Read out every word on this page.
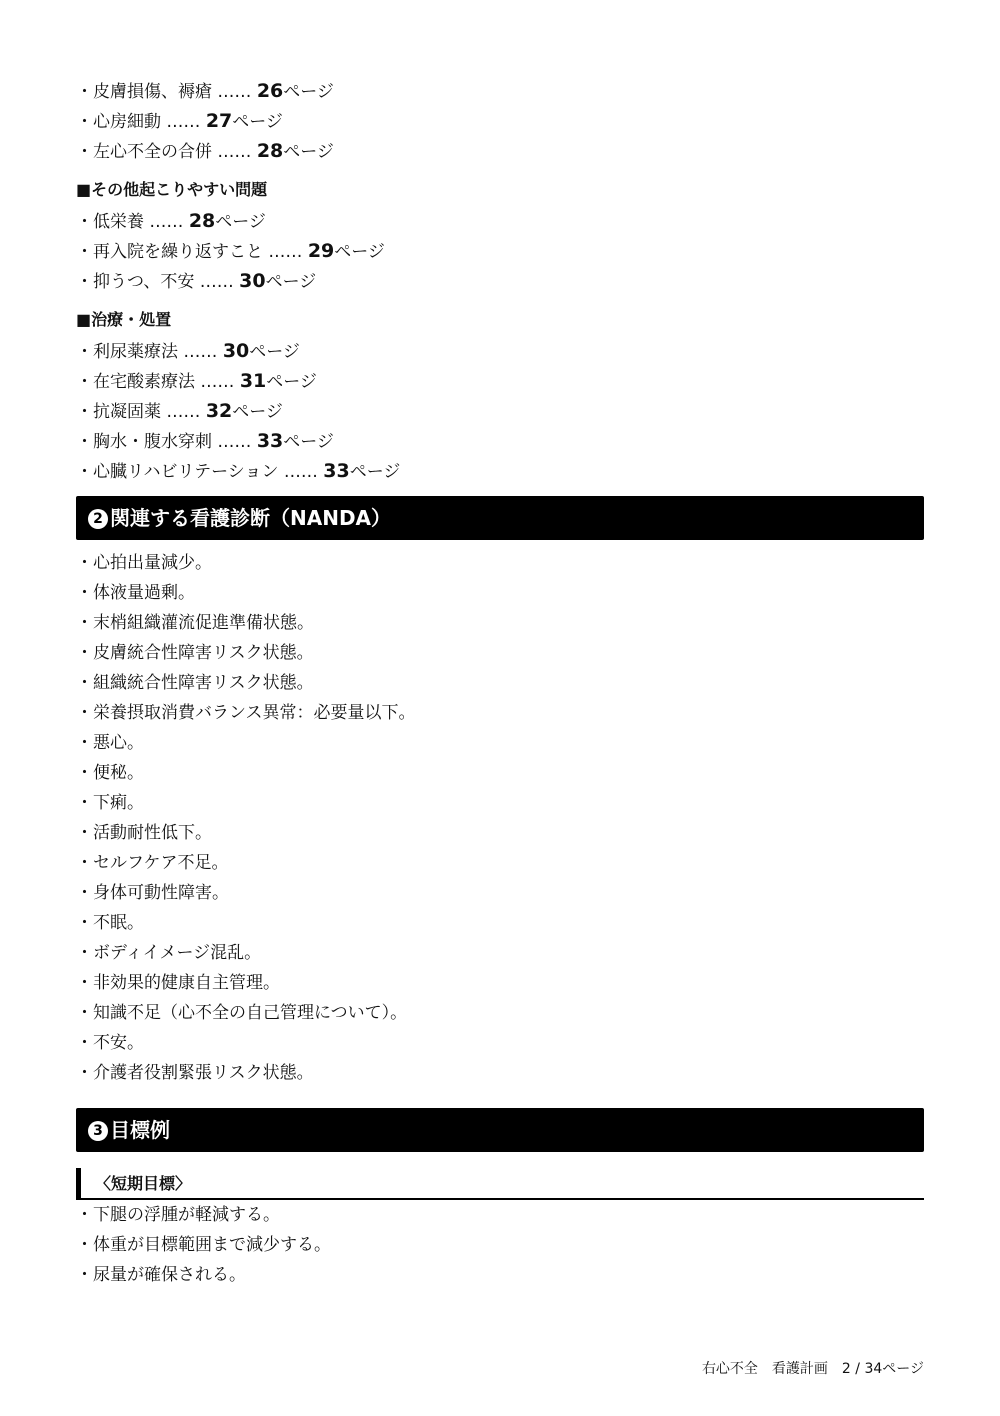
・皮膚損傷、褥瘡 …… 26ページ
・心房細動 …… 27ページ
・左心不全の合併 …… 28ページ
■その他起こりやすい問題
・低栄養 …… 28ページ
・再入院を繰り返すこと …… 29ページ
・抑うつ、不安 …… 30ページ
■治療・処置
・利尿薬療法 …… 30ページ
・在宅酸素療法 …… 31ページ
・抗凝固薬 …… 32ページ
・胸水・腹水穿刺 …… 33ページ
・心臓リハビリテーション …… 33ページ
2 関連する看護診断（NANDA）
・心拍出量減少。
・体液量過剰。
・末梢組織灌流促進準備状態。
・皮膚統合性障害リスク状態。
・組織統合性障害リスク状態。
・栄養摂取消費バランス異常：必要量以下。
・悪心。
・便秘。
・下痢。
・活動耐性低下。
・セルフケア不足。
・身体可動性障害。
・不眠。
・ボディイメージ混乱。
・非効果的健康自主管理。
・知識不足（心不全の自己管理について）。
・不安。
・介護者役割緊張リスク状態。
3 目標例
〈短期目標〉
・下腿の浮腫が軽減する。
・体重が目標範囲まで減少する。
・尿量が確保される。
右心不全　看護計画　2 / 34ページ
